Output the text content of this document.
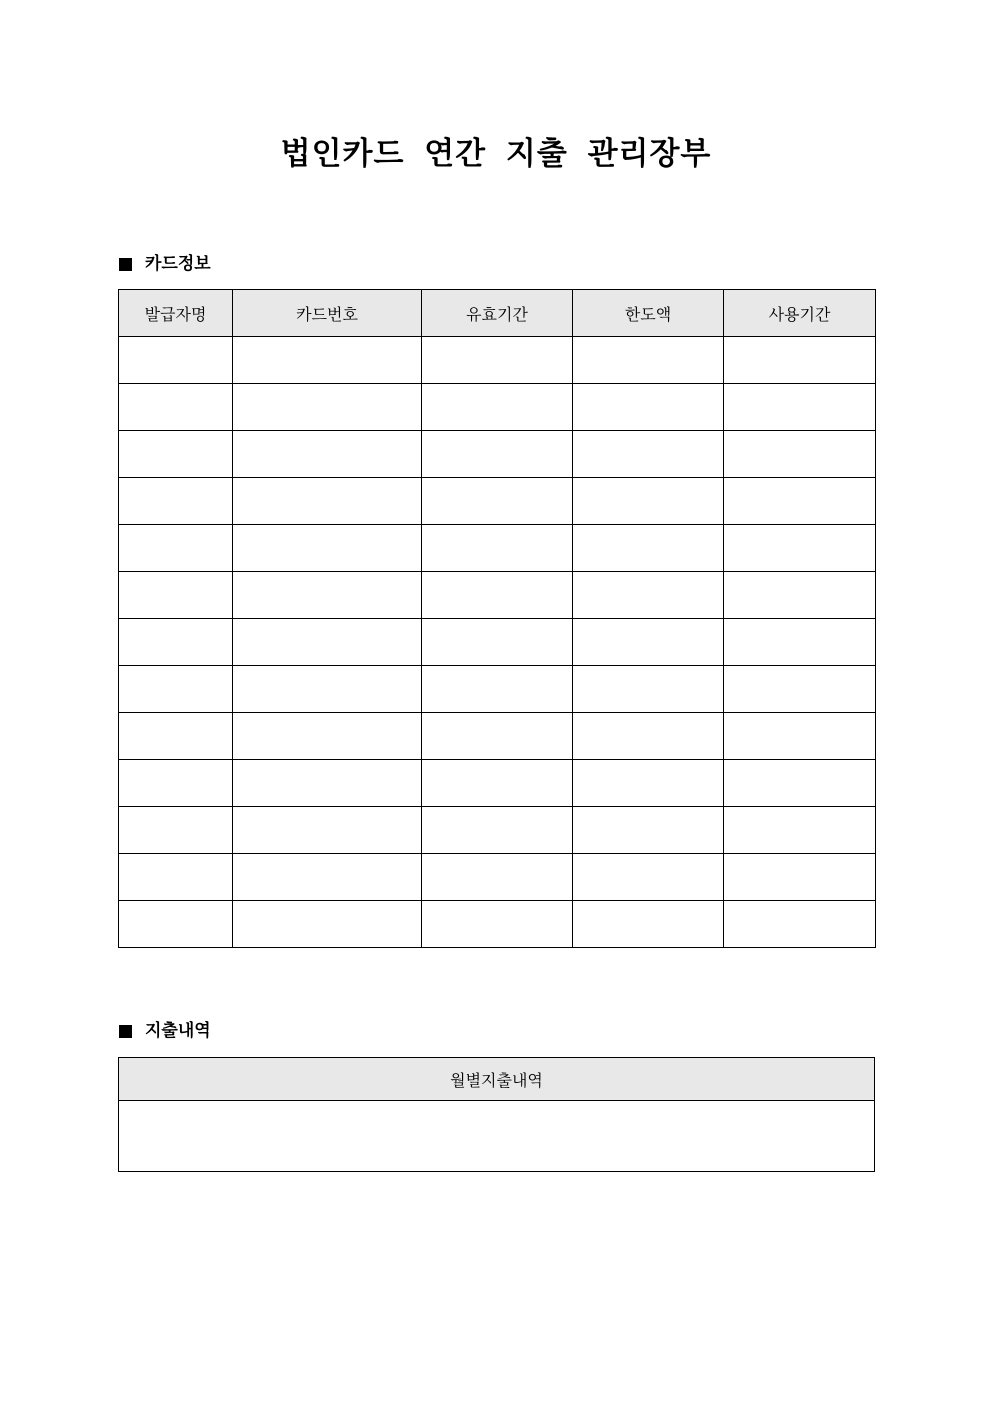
법인카드 연간 지출 관리장부
카드정보
발급자명	카드번호	유효기간	한도액	사용기간

지출내역
월별지출내역
